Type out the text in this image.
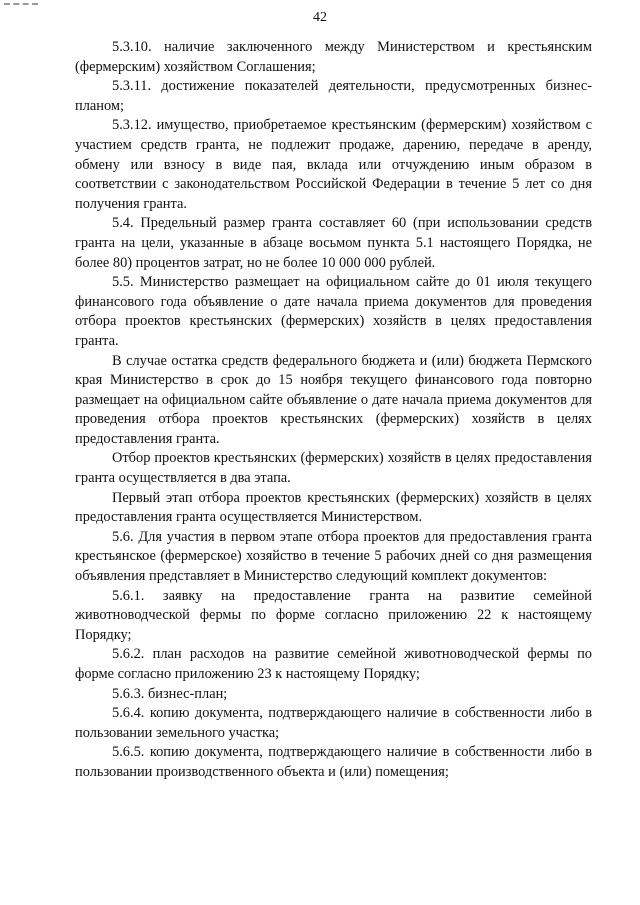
42

5.3.10. наличие заключенного между Министерством и крестьянским (фермерским) хозяйством Соглашения;

5.3.11. достижение показателей деятельности, предусмотренных бизнес-планом;

5.3.12. имущество, приобретаемое крестьянским (фермерским) хозяйством с участием средств гранта, не подлежит продаже, дарению, передаче в аренду, обмену или взносу в виде пая, вклада или отчуждению иным образом в соответствии с законодательством Российской Федерации в течение 5 лет со дня получения гранта.

5.4. Предельный размер гранта составляет 60 (при использовании средств гранта на цели, указанные в абзаце восьмом пункта 5.1 настоящего Порядка, не более 80) процентов затрат, но не более 10 000 000 рублей.

5.5. Министерство размещает на официальном сайте до 01 июля текущего финансового года объявление о дате начала приема документов для проведения отбора проектов крестьянских (фермерских) хозяйств в целях предоставления гранта.

В случае остатка средств федерального бюджета и (или) бюджета Пермского края Министерство в срок до 15 ноября текущего финансового года повторно размещает на официальном сайте объявление о дате начала приема документов для проведения отбора проектов крестьянских (фермерских) хозяйств в целях предоставления гранта.

Отбор проектов крестьянских (фермерских) хозяйств в целях предоставления гранта осуществляется в два этапа.

Первый этап отбора проектов крестьянских (фермерских) хозяйств в целях предоставления гранта осуществляется Министерством.

5.6. Для участия в первом этапе отбора проектов для предоставления гранта крестьянское (фермерское) хозяйство в течение 5 рабочих дней со дня размещения объявления представляет в Министерство следующий комплект документов:

5.6.1. заявку на предоставление гранта на развитие семейной животноводческой фермы по форме согласно приложению 22 к настоящему Порядку;

5.6.2. план расходов на развитие семейной животноводческой фермы по форме согласно приложению 23 к настоящему Порядку;

5.6.3. бизнес-план;

5.6.4. копию документа, подтверждающего наличие в собственности либо в пользовании земельного участка;

5.6.5. копию документа, подтверждающего наличие в собственности либо в пользовании производственного объекта и (или) помещения;
